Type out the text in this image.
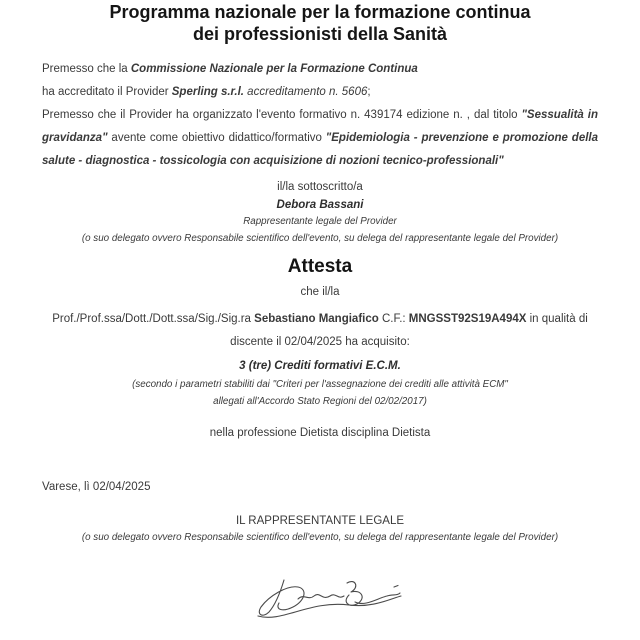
Programma nazionale per la formazione continua
dei professionisti della Sanità
Premesso che la Commissione Nazionale per la Formazione Continua
ha accreditato il Provider Sperling s.r.l. accreditamento n. 5606;
Premesso che il Provider ha organizzato l'evento formativo n. 439174 edizione n. , dal titolo "Sessualità in gravidanza" avente come obiettivo didattico/formativo "Epidemiologia - prevenzione e promozione della salute - diagnostica - tossicologia con acquisizione di nozioni tecnico-professionali"
il/la sottoscritto/a
Debora Bassani
Rappresentante legale del Provider
(o suo delegato ovvero Responsabile scientifico dell'evento, su delega del rappresentante legale del Provider)
Attesta
che il/la
Prof./Prof.ssa/Dott./Dott.ssa/Sig./Sig.ra Sebastiano Mangiafico C.F.: MNGSST92S19A494X in qualità di discente il 02/04/2025 ha acquisito:
3 (tre) Crediti formativi E.C.M.
(secondo i parametri stabiliti dai "Criteri per l'assegnazione dei crediti alle attività ECM"
allegati all'Accordo Stato Regioni del 02/02/2017)
nella professione Dietista disciplina Dietista
Varese, lì 02/04/2025
IL RAPPRESENTANTE LEGALE
(o suo delegato ovvero Responsabile scientifico dell'evento, su delega del rappresentante legale del Provider)
